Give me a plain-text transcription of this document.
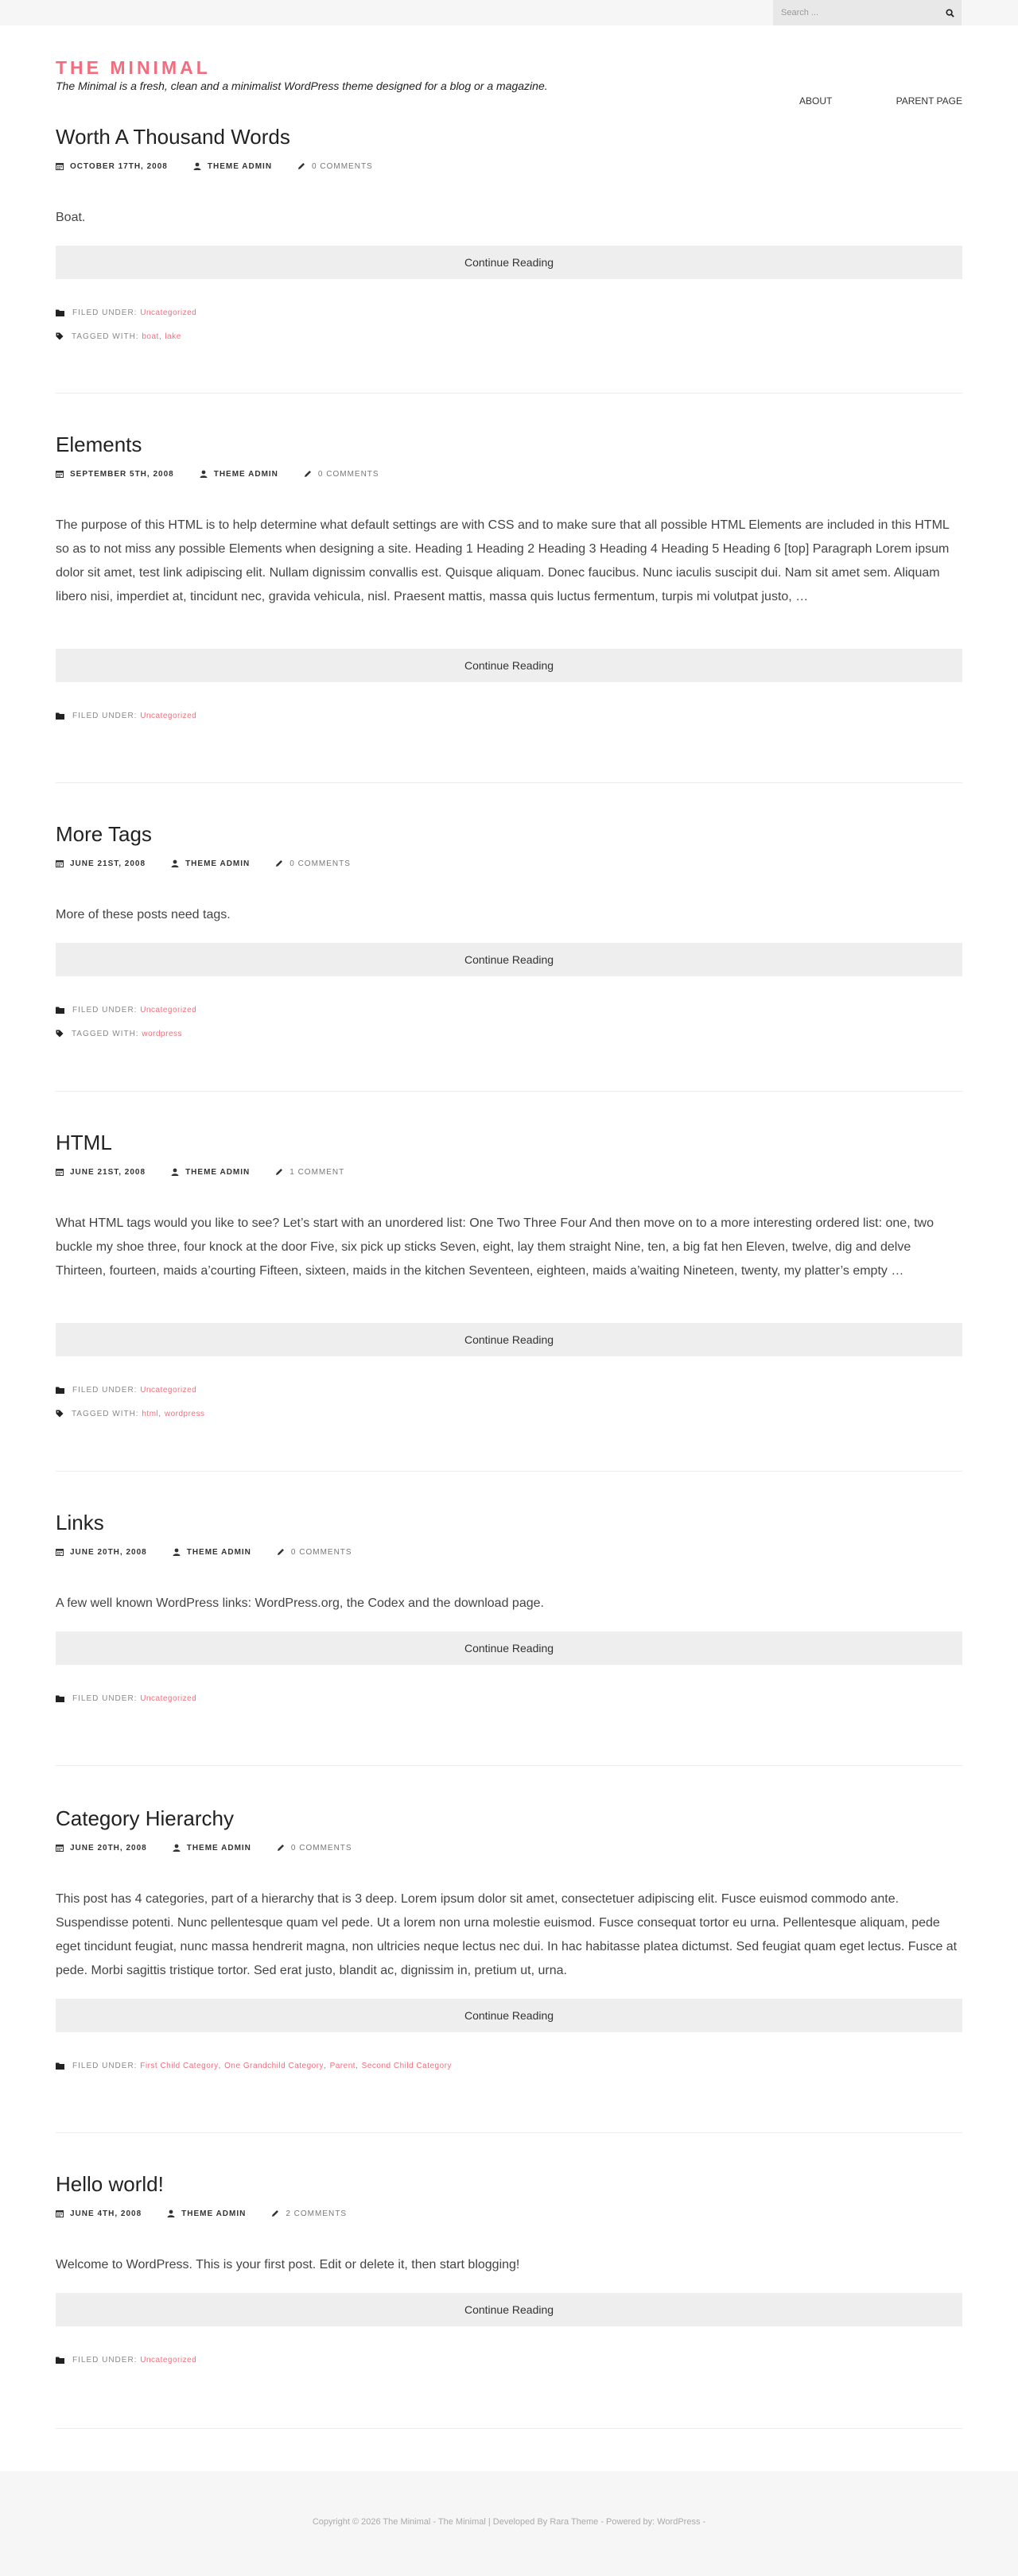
Search ...
THE MINIMAL

The Minimal is a fresh, clean and a minimalist WordPress theme designed for a blog or a magazine.

ABOUT	PARENT PAGE
Worth A Thousand Words
OCTOBER 17TH, 2008	THEME ADMIN	0 COMMENTS

Boat.

Continue Reading
FILED UNDER:
Uncategorized
TAGGED WITH:
boat , lake
Elements
SEPTEMBER 5TH, 2008	THEME ADMIN	0 COMMENTS

The purpose of this HTML is to help determine what default settings are with CSS and to make sure that all possible HTML Elements are included in this HTML so as to not miss any possible Elements when designing a site. Heading 1 Heading 2 Heading 3 Heading 4 Heading 5 Heading 6 [top] Paragraph Lorem ipsum dolor sit amet, test link adipiscing elit. Nullam dignissim convallis est. Quisque aliquam. Donec faucibus. Nunc iaculis suscipit dui. Nam sit amet sem. Aliquam libero nisi, imperdiet at, tincidunt nec, gravida vehicula, nisl. Praesent mattis, massa quis luctus fermentum, turpis mi volutpat justo, …

Continue Reading
FILED UNDER:
Uncategorized
More Tags
JUNE 21ST, 2008	THEME ADMIN	0 COMMENTS

More of these posts need tags.

Continue Reading
FILED UNDER:
Uncategorized
TAGGED WITH:
wordpress
HTML
JUNE 21ST, 2008	THEME ADMIN	1 COMMENT

What HTML tags would you like to see? Let’s start with an unordered list: One Two Three Four And then move on to a more interesting ordered list: one, two buckle my shoe three, four knock at the door Five, six pick up sticks Seven, eight, lay them straight Nine, ten, a big fat hen Eleven, twelve, dig and delve Thirteen, fourteen, maids a’courting Fifteen, sixteen, maids in the kitchen Seventeen, eighteen, maids a’waiting Nineteen, twenty, my platter’s empty …

Continue Reading
FILED UNDER:
Uncategorized
TAGGED WITH:
html , wordpress
Links
JUNE 20TH, 2008	THEME ADMIN	0 COMMENTS

A few well known WordPress links: WordPress.org, the Codex and the download page.

Continue Reading
FILED UNDER:
Uncategorized
Category Hierarchy
JUNE 20TH, 2008	THEME ADMIN	0 COMMENTS

This post has 4 categories, part of a hierarchy that is 3 deep. Lorem ipsum dolor sit amet, consectetuer adipiscing elit. Fusce euismod commodo ante. Suspendisse potenti. Nunc pellentesque quam vel pede. Ut a lorem non urna molestie euismod. Fusce consequat tortor eu urna. Pellentesque aliquam, pede eget tincidunt feugiat, nunc massa hendrerit magna, non ultricies neque lectus nec dui. In hac habitasse platea dictumst. Sed feugiat quam eget lectus. Fusce at pede. Morbi sagittis tristique tortor. Sed erat justo, blandit ac, dignissim in, pretium ut, urna.

Continue Reading
FILED UNDER:
First Child Category , One Grandchild Category , Parent , Second Child Category
Hello world!
JUNE 4TH, 2008	THEME ADMIN	2 COMMENTS

Welcome to WordPress. This is your first post. Edit or delete it, then start blogging!

Continue Reading
FILED UNDER:
Uncategorized
Copyright © 2026 The Minimal - The Minimal | Developed By Rara Theme - Powered by: WordPress -
